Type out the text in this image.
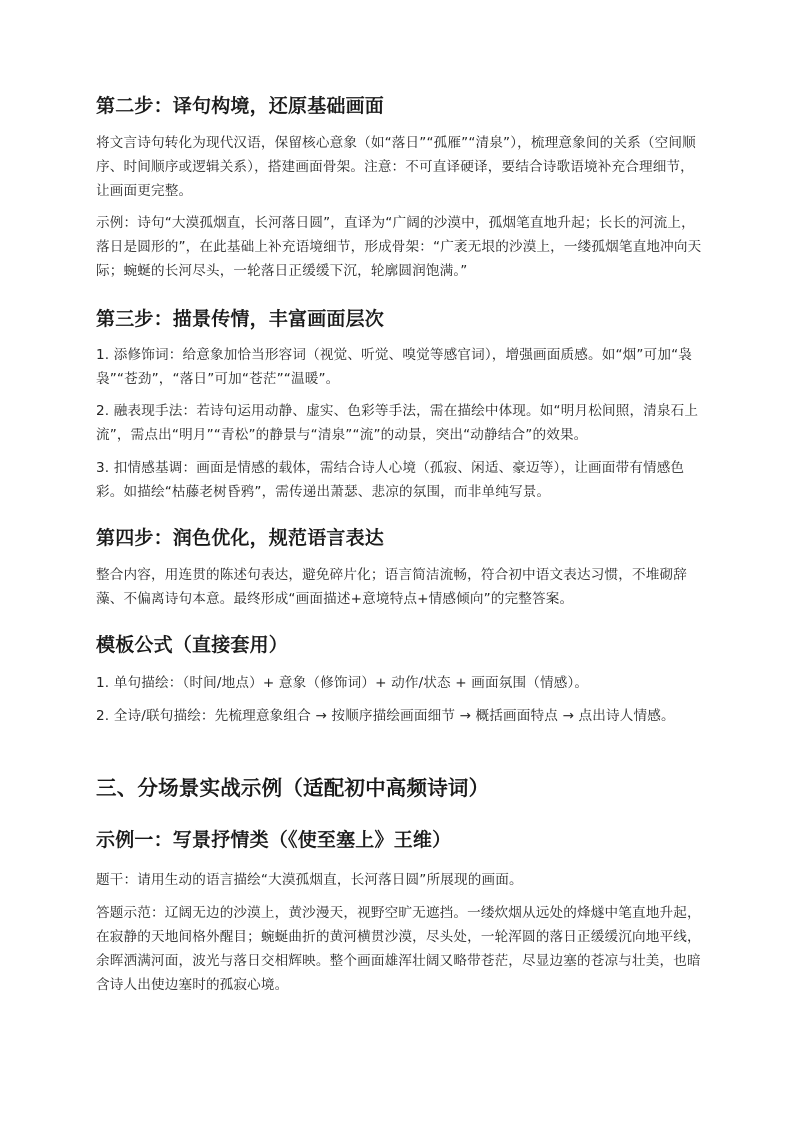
第二步：译句构境，还原基础画面
将文言诗句转化为现代汉语，保留核心意象（如“落日”“孤雁”“清泉”），梳理意象间的关系（空间顺序、时间顺序或逻辑关系），搭建画面骨架。注意：不可直译硬译，要结合诗歌语境补充合理细节，让画面更完整。
示例：诗句“大漠孤烟直，长河落日圆”，直译为“广阔的沙漠中，孤烟笔直地升起；长长的河流上，落日是圆形的”，在此基础上补充语境细节，形成骨架：“广袤无垠的沙漠上，一缕孤烟笔直地冲向天际；蜿蜒的长河尽头，一轮落日正缓缓下沉，轮廓圆润饱满。”
第三步：描景传情，丰富画面层次
1. 添修饰词：给意象加恰当形容词（视觉、听觉、嗅觉等感官词），增强画面质感。如“烟”可加“袅袅”“苍劲”，“落日”可加“苍茫”“温暖”。
2. 融表现手法：若诗句运用动静、虚实、色彩等手法，需在描绘中体现。如“明月松间照，清泉石上流”，需点出“明月”“青松”的静景与“清泉”“流”的动景，突出“动静结合”的效果。
3. 扣情感基调：画面是情感的载体，需结合诗人心境（孤寂、闲适、豪迈等），让画面带有情感色彩。如描绘“枯藤老树昏鸦”，需传递出萧瑟、悲凉的氛围，而非单纯写景。
第四步：润色优化，规范语言表达
整合内容，用连贯的陈述句表达，避免碎片化；语言简洁流畅，符合初中语文表达习惯，不堆砌辞藻、不偏离诗句本意。最终形成“画面描述+意境特点+情感倾向”的完整答案。
模板公式（直接套用）
1. 单句描绘：（时间/地点）+ 意象（修饰词）+ 动作/状态 + 画面氛围（情感）。
2. 全诗/联句描绘：先梳理意象组合 → 按顺序描绘画面细节 → 概括画面特点 → 点出诗人情感。
三、分场景实战示例（适配初中高频诗词）
示例一：写景抒情类（《使至塞上》王维）
题干：请用生动的语言描绘“大漠孤烟直，长河落日圆”所展现的画面。
答题示范：辽阔无边的沙漠上，黄沙漫天，视野空旷无遮挡。一缕炊烟从远处的烽燧中笔直地升起，在寂静的天地间格外醒目；蜿蜒曲折的黄河横贯沙漠，尽头处，一轮浑圆的落日正缓缓沉向地平线，余晖洒满河面，波光与落日交相辉映。整个画面雄浑壮阔又略带苍茫，尽显边塞的苍凉与壮美，也暗含诗人出使边塞时的孤寂心境。
